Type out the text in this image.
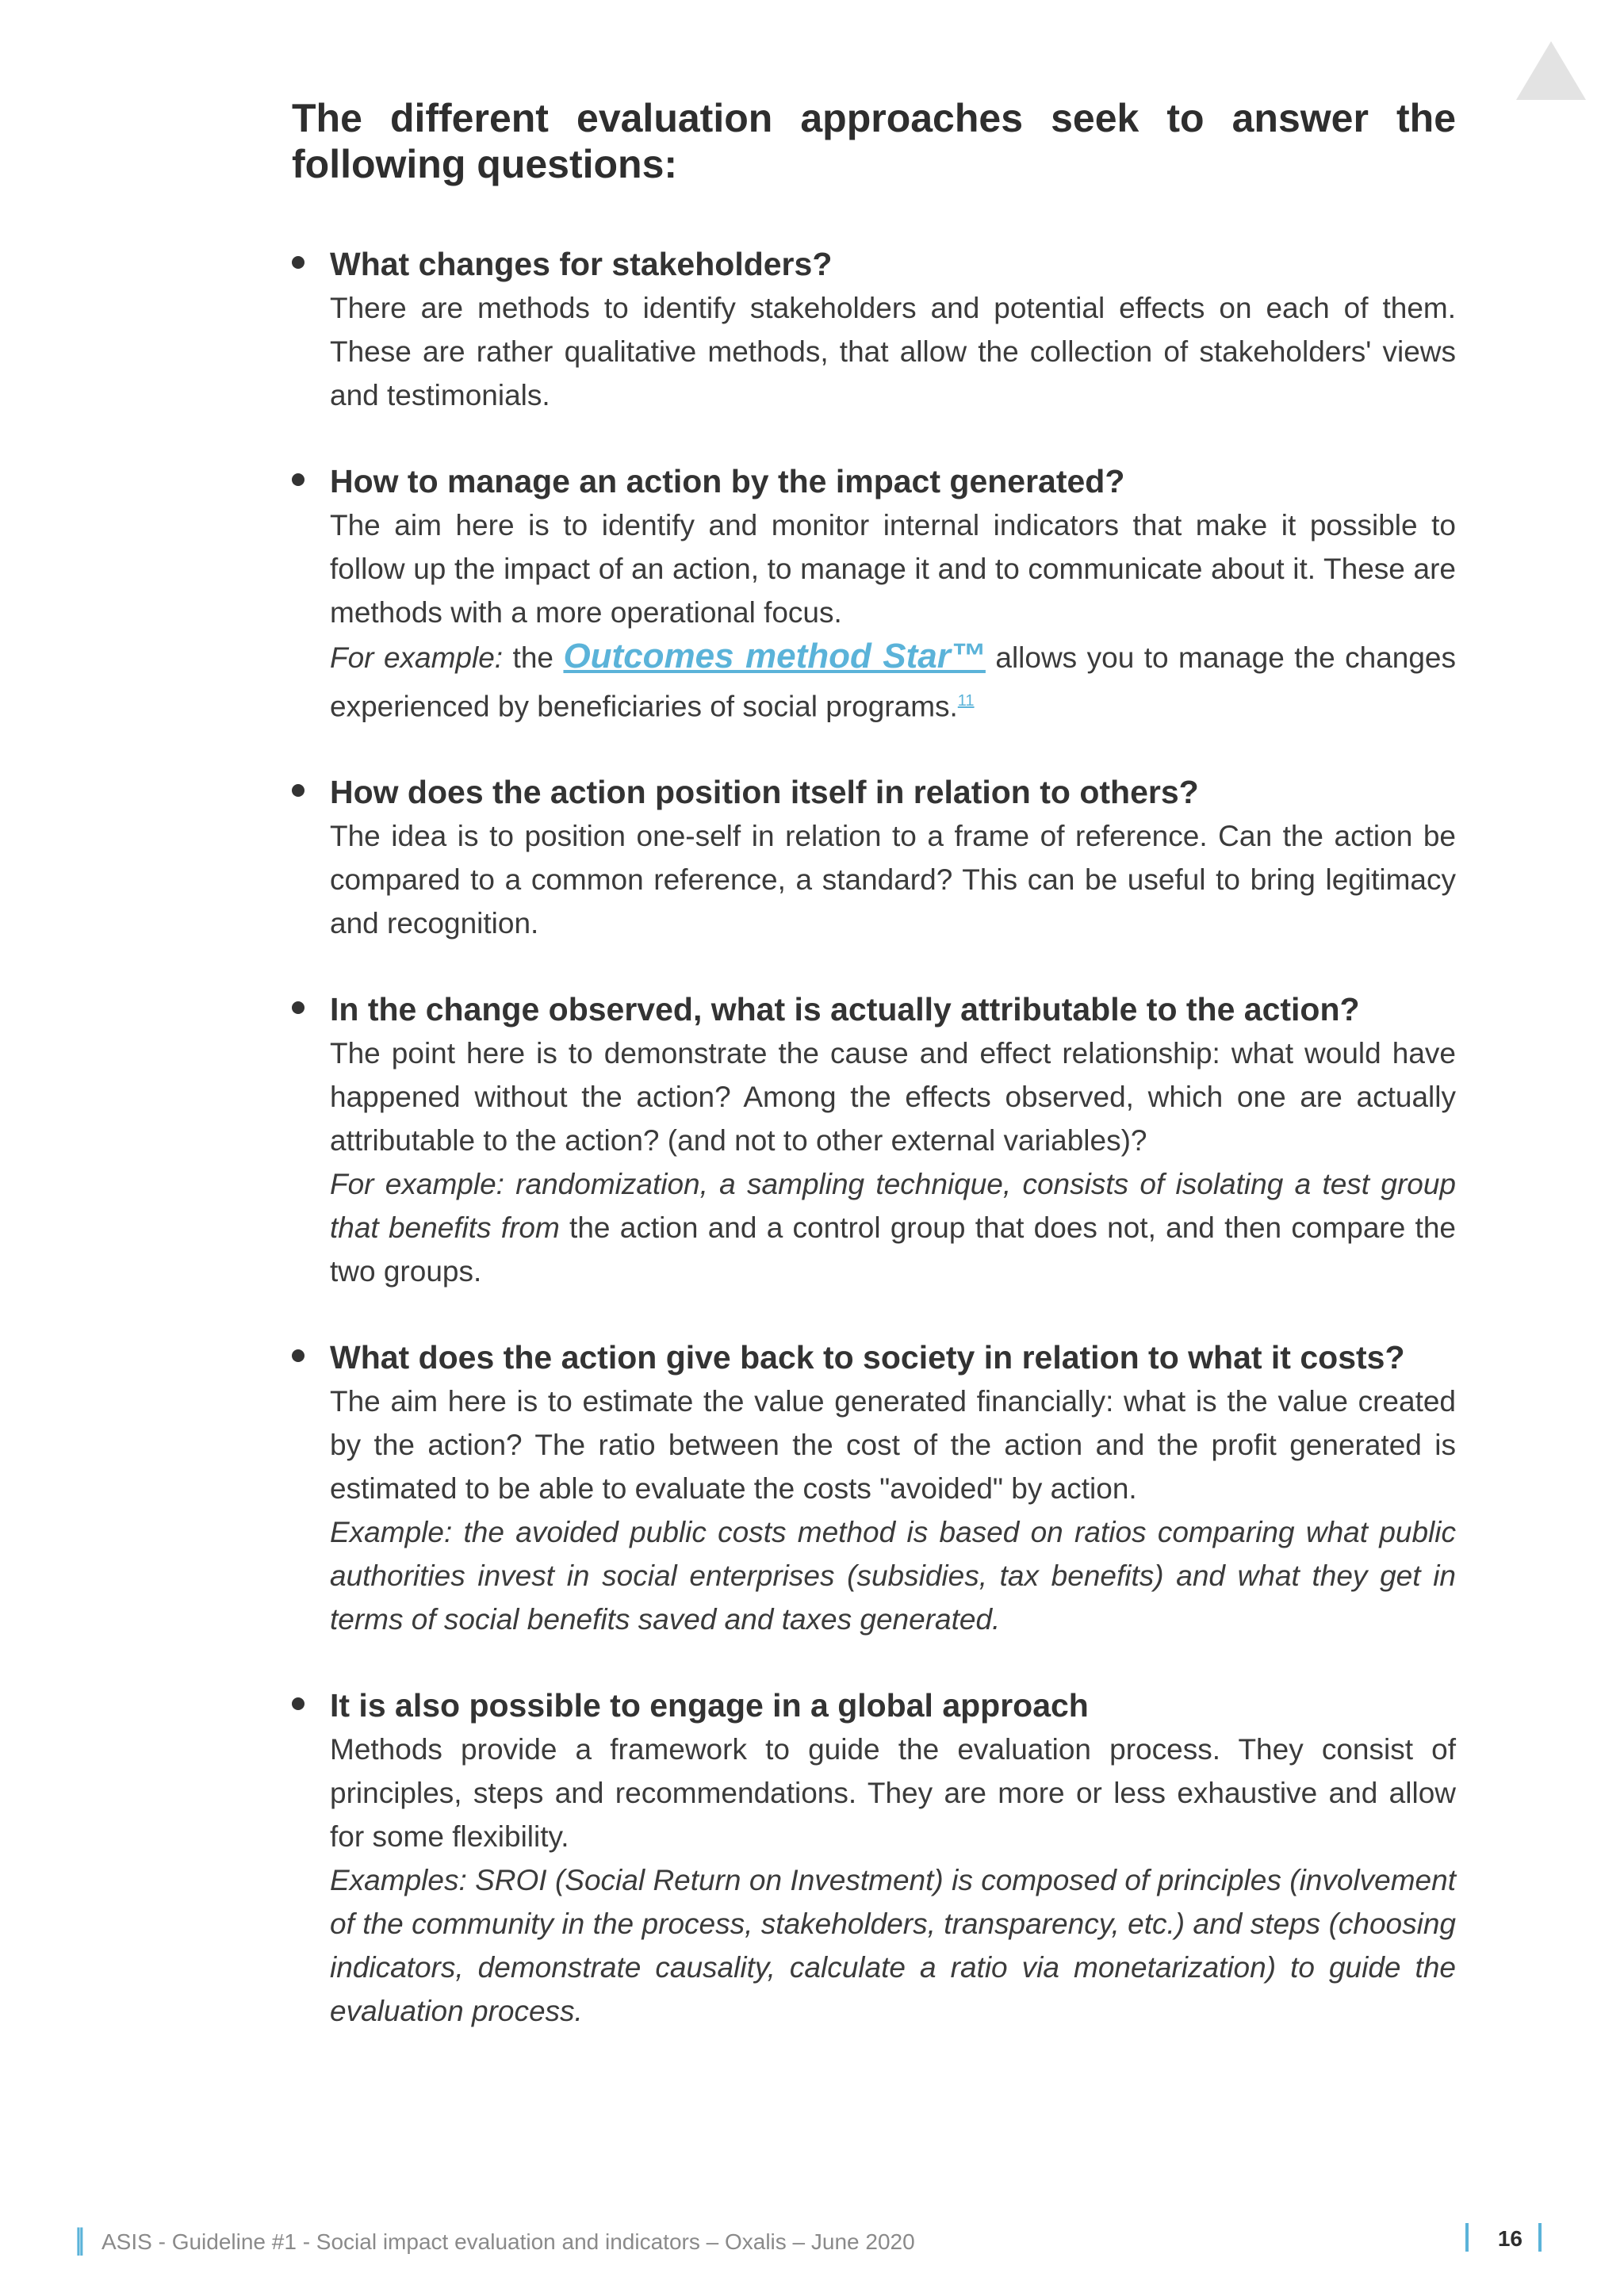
The different evaluation approaches seek to answer the following questions:
What changes for stakeholders?
There are methods to identify stakeholders and potential effects on each of them. These are rather qualitative methods, that allow the collection of stakeholders' views and testimonials.
How to manage an action by the impact generated?
The aim here is to identify and monitor internal indicators that make it possible to follow up the impact of an action, to manage it and to communicate about it. These are methods with a more operational focus.
For example: the Outcomes method Star™ allows you to manage the changes experienced by beneficiaries of social programs.$^{11}$
How does the action position itself in relation to others?
The idea is to position one-self in relation to a frame of reference. Can the action be compared to a common reference, a standard? This can be useful to bring legitimacy and recognition.
In the change observed, what is actually attributable to the action?
The point here is to demonstrate the cause and effect relationship: what would have happened without the action? Among the effects observed, which one are actually attributable to the action? (and not to other external variables)?
For example: randomization, a sampling technique, consists of isolating a test group that benefits from the action and a control group that does not, and then compare the two groups.
What does the action give back to society in relation to what it costs?
The aim here is to estimate the value generated financially: what is the value created by the action? The ratio between the cost of the action and the profit generated is estimated to be able to evaluate the costs "avoided" by action.
Example: the avoided public costs method is based on ratios comparing what public authorities invest in social enterprises (subsidies, tax benefits) and what they get in terms of social benefits saved and taxes generated.
It is also possible to engage in a global approach
Methods provide a framework to guide the evaluation process. They consist of principles, steps and recommendations. They are more or less exhaustive and allow for some flexibility.
Examples: SROI (Social Return on Investment) is composed of principles (involvement of the community in the process, stakeholders, transparency, etc.) and steps (choosing indicators, demonstrate causality, calculate a ratio via monetarization) to guide the evaluation process.
|| ASIS - Guideline #1 - Social impact evaluation and indicators – Oxalis – June 2020	16
